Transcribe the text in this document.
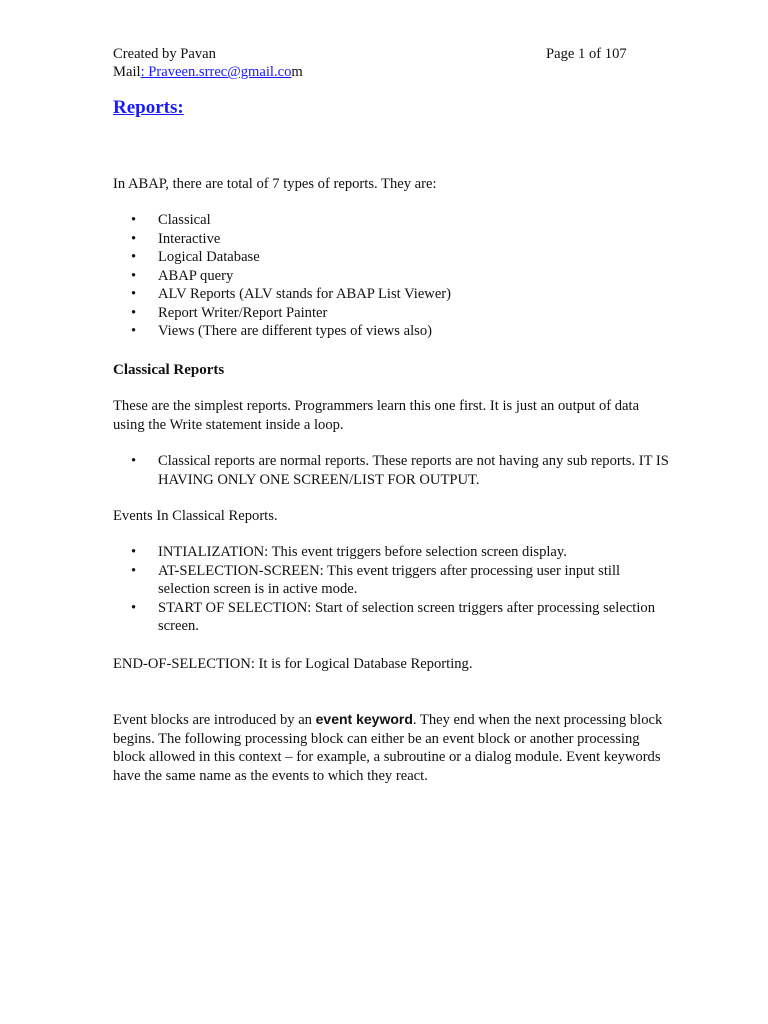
Created by Pavan	Page 1 of 107
Mail: Praveen.srrec@gmail.com
Reports:
In ABAP, there are total of 7 types of reports. They are:
• Classical
• Interactive
• Logical Database
• ABAP query
• ALV Reports (ALV stands for ABAP List Viewer)
• Report Writer/Report Painter
• Views (There are different types of views also)
Classical Reports
These are the simplest reports. Programmers learn this one first. It is just an output of data using the Write statement inside a loop.
• Classical reports are normal reports. These reports are not having any sub reports. IT IS HAVING ONLY ONE SCREEN/LIST FOR OUTPUT.
Events In Classical Reports.
• INTIALIZATION: This event triggers before selection screen display.
• AT-SELECTION-SCREEN: This event triggers after processing user input still selection screen is in active mode.
• START OF SELECTION: Start of selection screen triggers after processing selection screen.
END-OF-SELECTION: It is for Logical Database Reporting.
Event blocks are introduced by an event keyword. They end when the next processing block begins. The following processing block can either be an event block or another processing block allowed in this context – for example, a subroutine or a dialog module. Event keywords have the same name as the events to which they react.
